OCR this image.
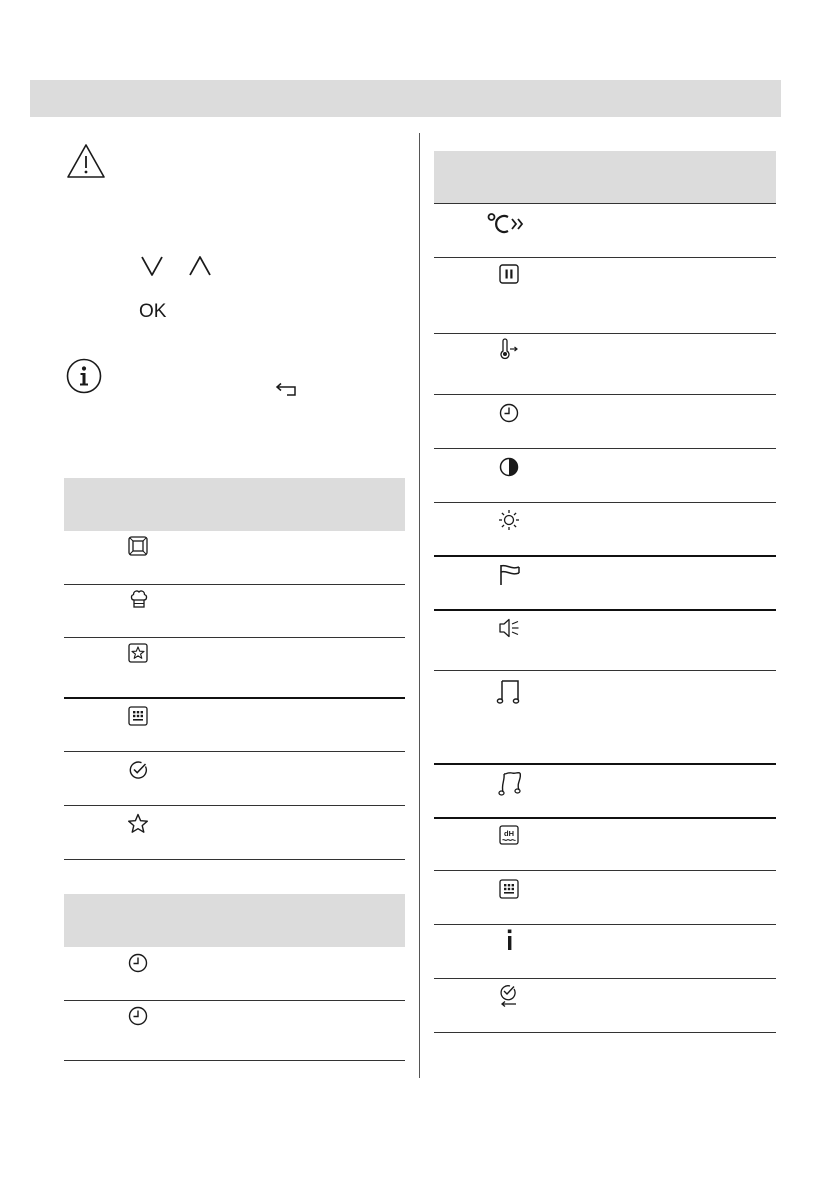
OK
dH
